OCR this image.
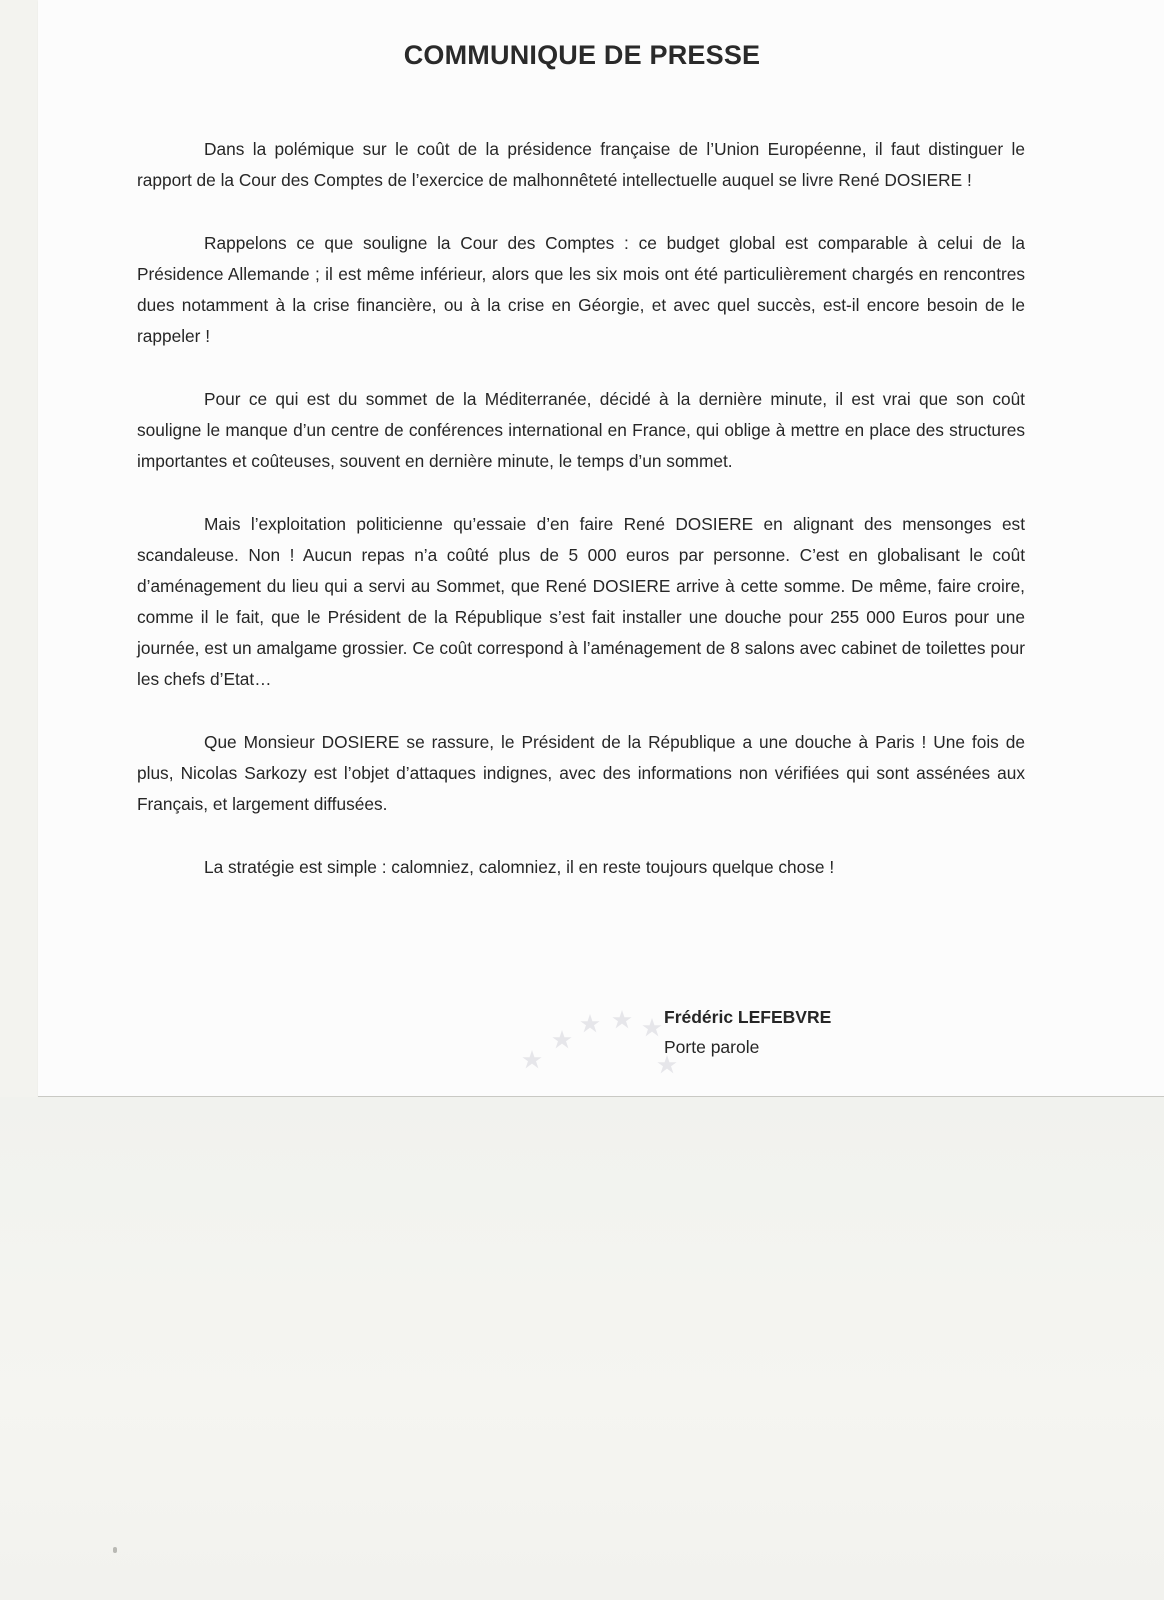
COMMUNIQUE DE PRESSE

Dans la polémique sur le coût de la présidence française de l’Union Européenne, il faut distinguer le rapport de la Cour des Comptes de l’exercice de malhonnêteté intellectuelle auquel se livre René DOSIERE !

Rappelons ce que souligne la Cour des Comptes : ce budget global est comparable à celui de la Présidence Allemande ; il est même inférieur, alors que les six mois ont été particulièrement chargés en rencontres dues notamment à la crise financière, ou à la crise en Géorgie, et avec quel succès, est-il encore besoin de le rappeler !

Pour ce qui est du sommet de la Méditerranée, décidé à la dernière minute, il est vrai que son coût souligne le manque d’un centre de conférences international en France, qui oblige à mettre en place des structures importantes et coûteuses, souvent en dernière minute, le temps d’un sommet.

Mais l’exploitation politicienne qu’essaie d’en faire René DOSIERE en alignant des mensonges est scandaleuse. Non ! Aucun repas n’a coûté plus de 5 000 euros par personne. C’est en globalisant le coût d’aménagement du lieu qui a servi au Sommet, que René DOSIERE arrive à cette somme. De même, faire croire, comme il le fait, que le Président de la République s’est fait installer une douche pour 255 000 Euros pour une journée, est un amalgame grossier. Ce coût correspond à l’aménagement de 8 salons avec cabinet de toilettes pour les chefs d’Etat…

Que Monsieur DOSIERE se rassure, le Président de la République a une douche à Paris ! Une fois de plus, Nicolas Sarkozy est l’objet d’attaques indignes, avec des informations non vérifiées qui sont assénées aux Français, et largement diffusées.

La stratégie est simple : calomniez, calomniez, il en reste toujours quelque chose !

Frédéric LEFEBVRE
Porte parole
